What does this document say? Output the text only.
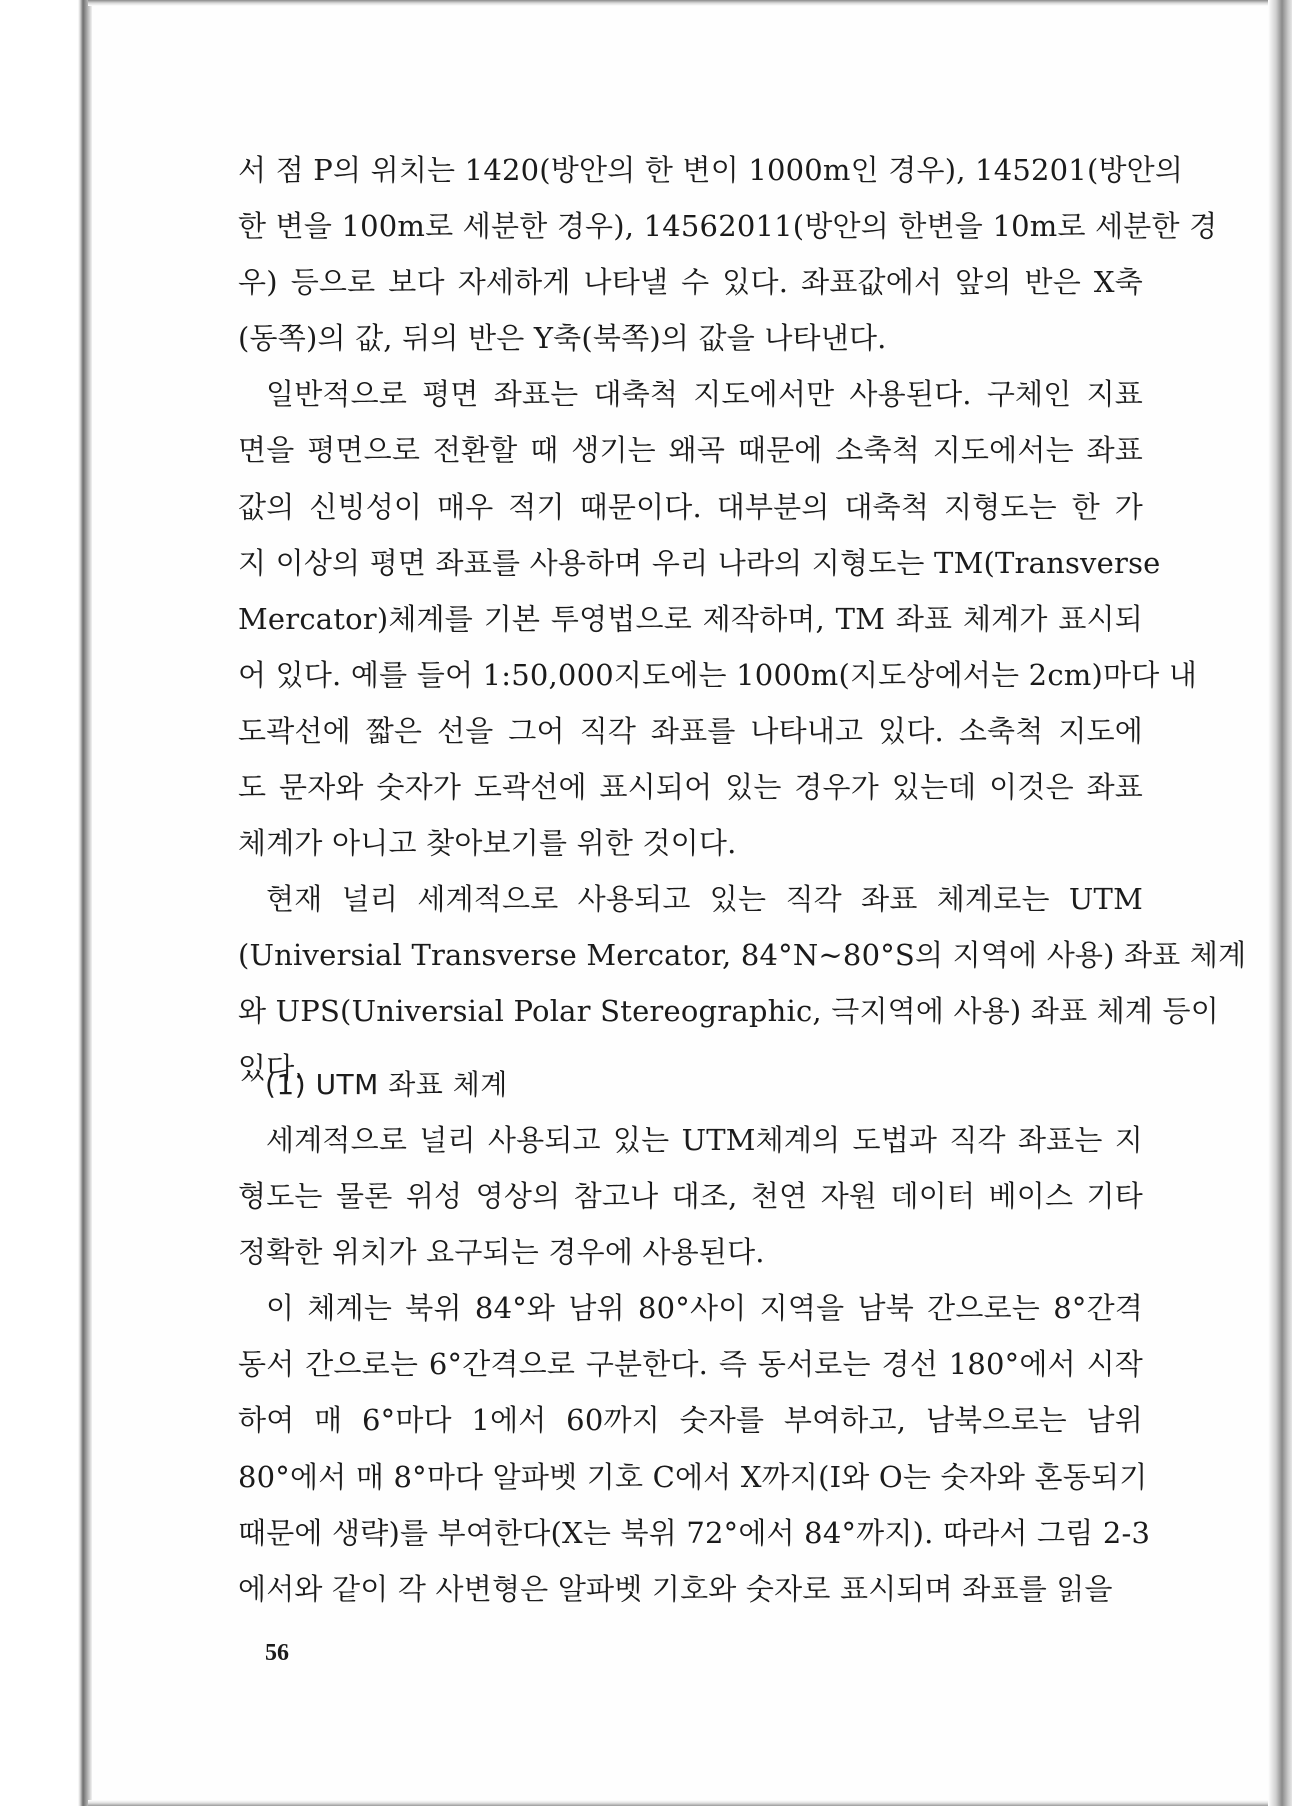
서 점 P의 위치는 1420(방안의 한 변이 1000m인 경우), 145201(방안의
한 변을 100m로 세분한 경우), 14562011(방안의 한변을 10m로 세분한 경
우) 등으로 보다 자세하게 나타낼 수 있다. 좌표값에서 앞의 반은 X축
(동쪽)의 값, 뒤의 반은 Y축(북쪽)의 값을 나타낸다.

일반적으로 평면 좌표는 대축척 지도에서만 사용된다. 구체인 지표
면을 평면으로 전환할 때 생기는 왜곡 때문에 소축척 지도에서는 좌표
값의 신빙성이 매우 적기 때문이다. 대부분의 대축척 지형도는 한 가
지 이상의 평면 좌표를 사용하며 우리 나라의 지형도는 TM(Transverse
Mercator)체계를 기본 투영법으로 제작하며, TM 좌표 체계가 표시되
어 있다. 예를 들어 1:50,000지도에는 1000m(지도상에서는 2cm)마다 내
도곽선에 짧은 선을 그어 직각 좌표를 나타내고 있다. 소축척 지도에
도 문자와 숫자가 도곽선에 표시되어 있는 경우가 있는데 이것은 좌표
체계가 아니고 찾아보기를 위한 것이다.

현재 널리 세계적으로 사용되고 있는 직각 좌표 체계로는 UTM
(Universial Transverse Mercator, 84°N~80°S의 지역에 사용) 좌표 체계
와 UPS(Universial Polar Stereographic, 극지역에 사용) 좌표 체계 등이
있다.

(1) UTM 좌표 체계

세계적으로 널리 사용되고 있는 UTM체계의 도법과 직각 좌표는 지
형도는 물론 위성 영상의 참고나 대조, 천연 자원 데이터 베이스 기타
정확한 위치가 요구되는 경우에 사용된다.

이 체계는 북위 84°와 남위 80°사이 지역을 남북 간으로는 8°간격
동서 간으로는 6°간격으로 구분한다. 즉 동서로는 경선 180°에서 시작
하여 매 6°마다 1에서 60까지 숫자를 부여하고, 남북으로는 남위
80°에서 매 8°마다 알파벳 기호 C에서 X까지(I와 O는 숫자와 혼동되기
때문에 생략)를 부여한다(X는 북위 72°에서 84°까지). 따라서 그림 2-3
에서와 같이 각 사변형은 알파벳 기호와 숫자로 표시되며 좌표를 읽을

56
